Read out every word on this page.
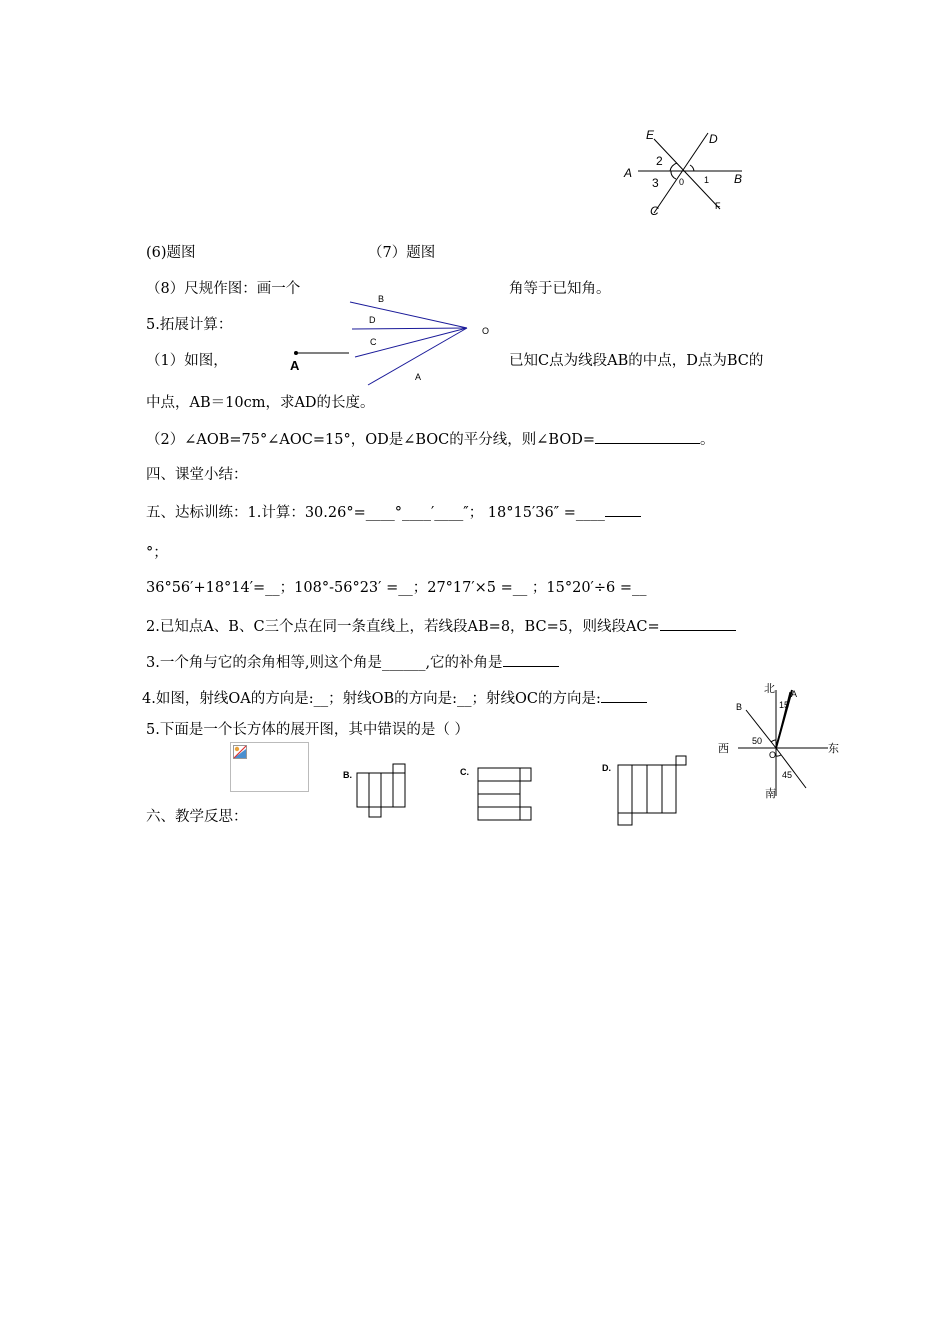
E	D
A	B
C	F
0 1
2
3
(6)题图	（7）题图
（8）尺规作图：画一个	角等于已知角。
B
D
C
A
O
5.拓展计算：
A
（1）如图，	已知C点为线段AB的中点，D点为BC的
中点，AB＝10cm，求AD的长度。
（2）∠AOB=75°∠AOC=15°，OD是∠BOC的平分线，则∠BOD=	。
四、课堂小结：
五、达标训练：1.计算：30.26°=____°____′____″； 18°15′36″ =____
°；
36°56′+18°14′=__；108°-56°23′ =__；27°17′×5 =__ ；15°20′÷6 =__
2.已知点A、B、C三个点在同一条直线上，若线段AB=8，BC=5，则线段AC=
3.一个角与它的余角相等,则这个角是______,它的补角是
4.如图，射线OA的方向是:__；射线OB的方向是:__；射线OC的方向是:
北 A
B	15
50
西	东
O
45
南
5.下面是一个长方体的展开图，其中错误的是（ ）
B.	C.	D.
六、教学反思：
